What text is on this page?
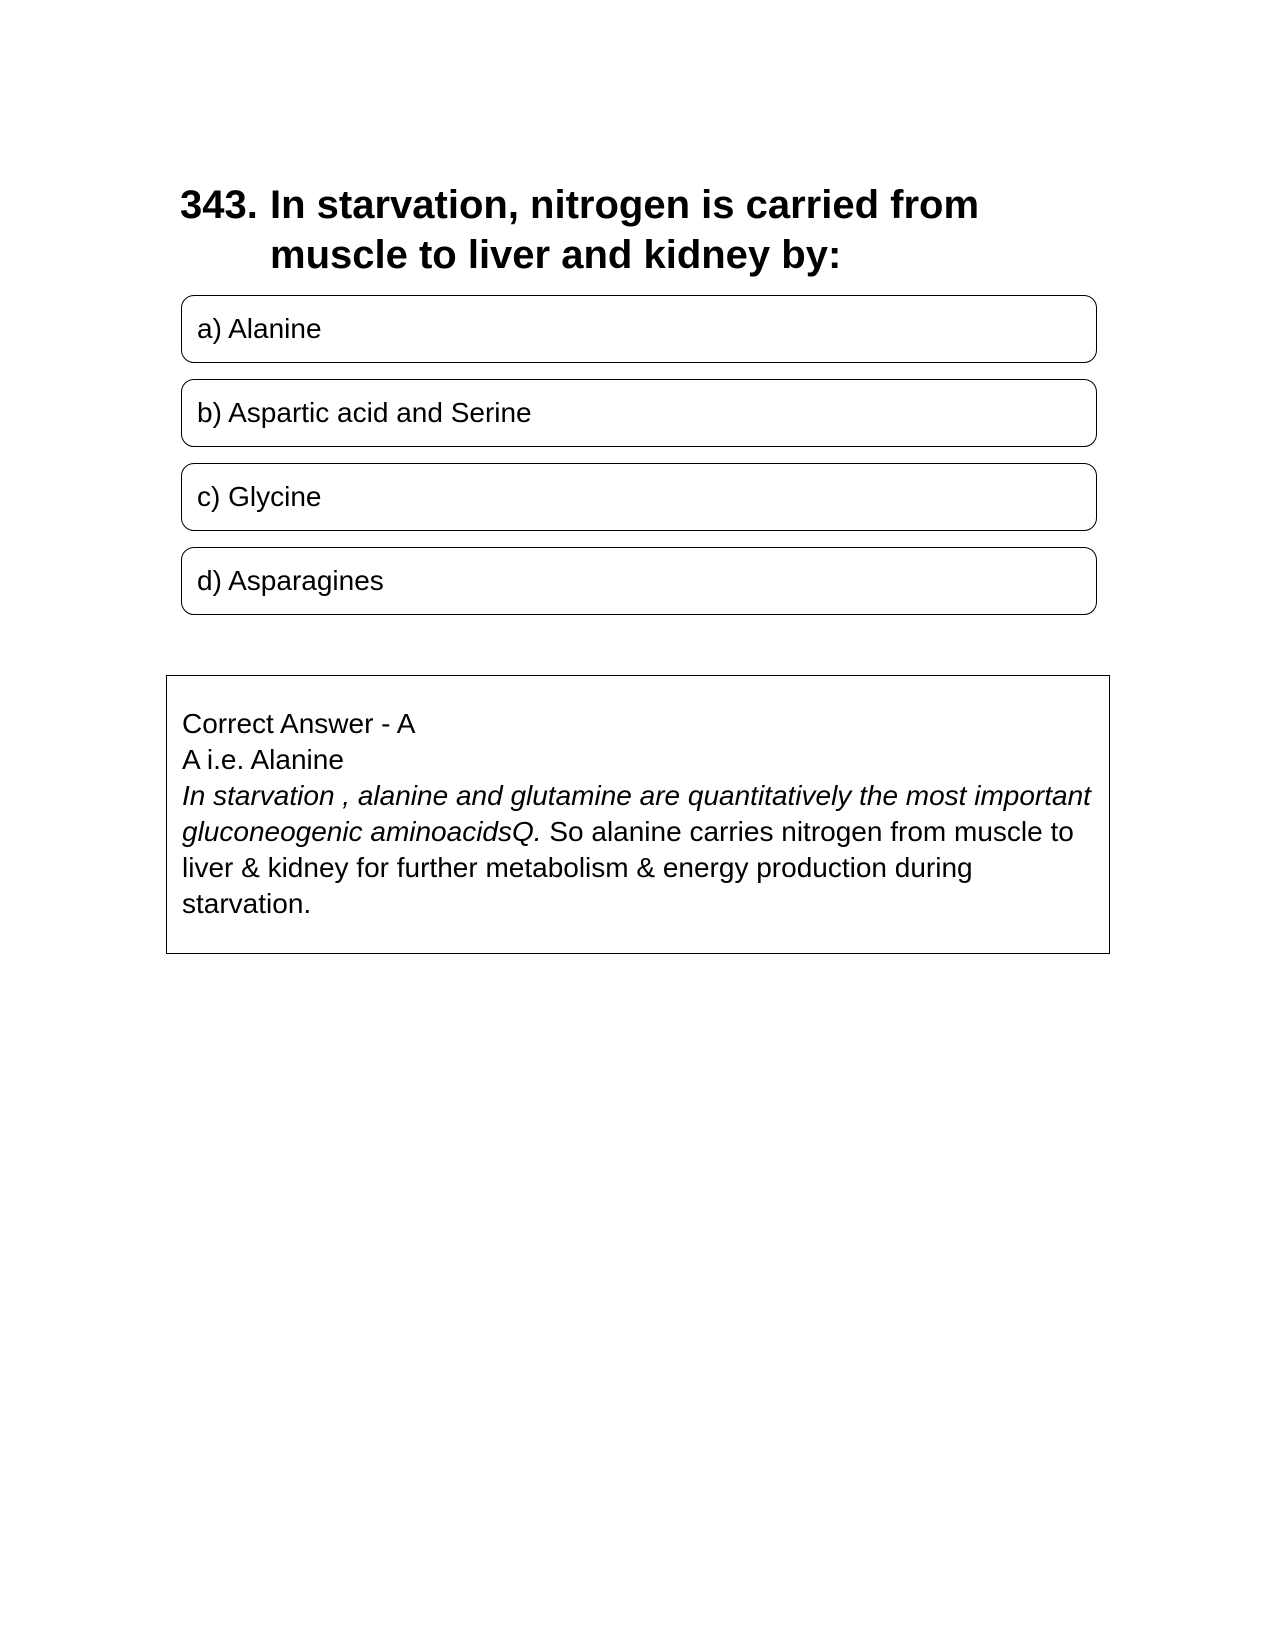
343. In starvation, nitrogen is carried from muscle to liver and kidney by:
a) Alanine
b) Aspartic acid and Serine
c) Glycine
d) Asparagines
Correct Answer - A
A i.e. Alanine
In starvation , alanine and glutamine are quantitatively the most important gluconeogenic aminoacidsQ. So alanine carries nitrogen from muscle to liver & kidney for further metabolism & energy production during starvation.
